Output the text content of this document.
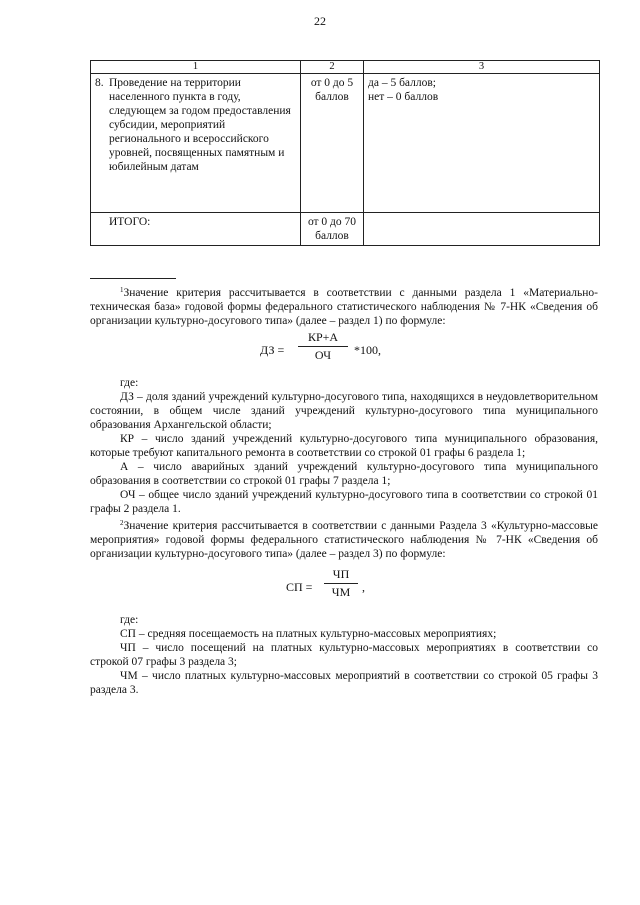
22
1	2	3
8. Проведение на территории населенного пункта в году, следующем за годом предоставления субсидии, мероприятий регионального и всероссийского уровней, посвященных памятным и юбилейным датам	от 0 до 5 баллов	да – 5 баллов;
нет – 0 баллов

ИТОГО:	от 0 до 70 баллов	

$^1$Значение критерия рассчитывается в соответствии с данными раздела 1 «Материально-техническая база» годовой формы федерального статистического наблюдения № 7-НК «Сведения об организации культурно-досугового типа» (далее – раздел 1) по формуле:

ДЗ =
КР+А
ОЧ	*100,

где:

ДЗ – доля зданий учреждений культурно-досугового типа, находящихся в неудовлетворительном состоянии, в общем числе зданий учреждений культурно-досугового типа муниципального образования Архангельской области;

КР – число зданий учреждений культурно-досугового типа муниципального образования, которые требуют капитального ремонта в соответствии со строкой 01 графы 6 раздела 1;

А – число аварийных зданий учреждений культурно-досугового типа муниципального образования в соответствии со строкой 01 графы 7 раздела 1;

ОЧ – общее число зданий учреждений культурно-досугового типа в соответствии со строкой 01 графы 2 раздела 1.

$^2$Значение критерия рассчитывается в соответствии с данными Раздела 3 «Культурно-массовые мероприятия» годовой формы федерального статистического наблюдения № 7-НК «Сведения об организации культурно-досугового типа» (далее – раздел 3) по формуле:

СП =
ЧП
ЧМ ,

где:

СП – средняя посещаемость на платных культурно-массовых мероприятиях;

ЧП – число посещений на платных культурно-массовых мероприятиях в соответствии со строкой 07 графы 3 раздела 3;

ЧМ – число платных культурно-массовых мероприятий в соответствии со строкой 05 графы 3 раздела 3.
